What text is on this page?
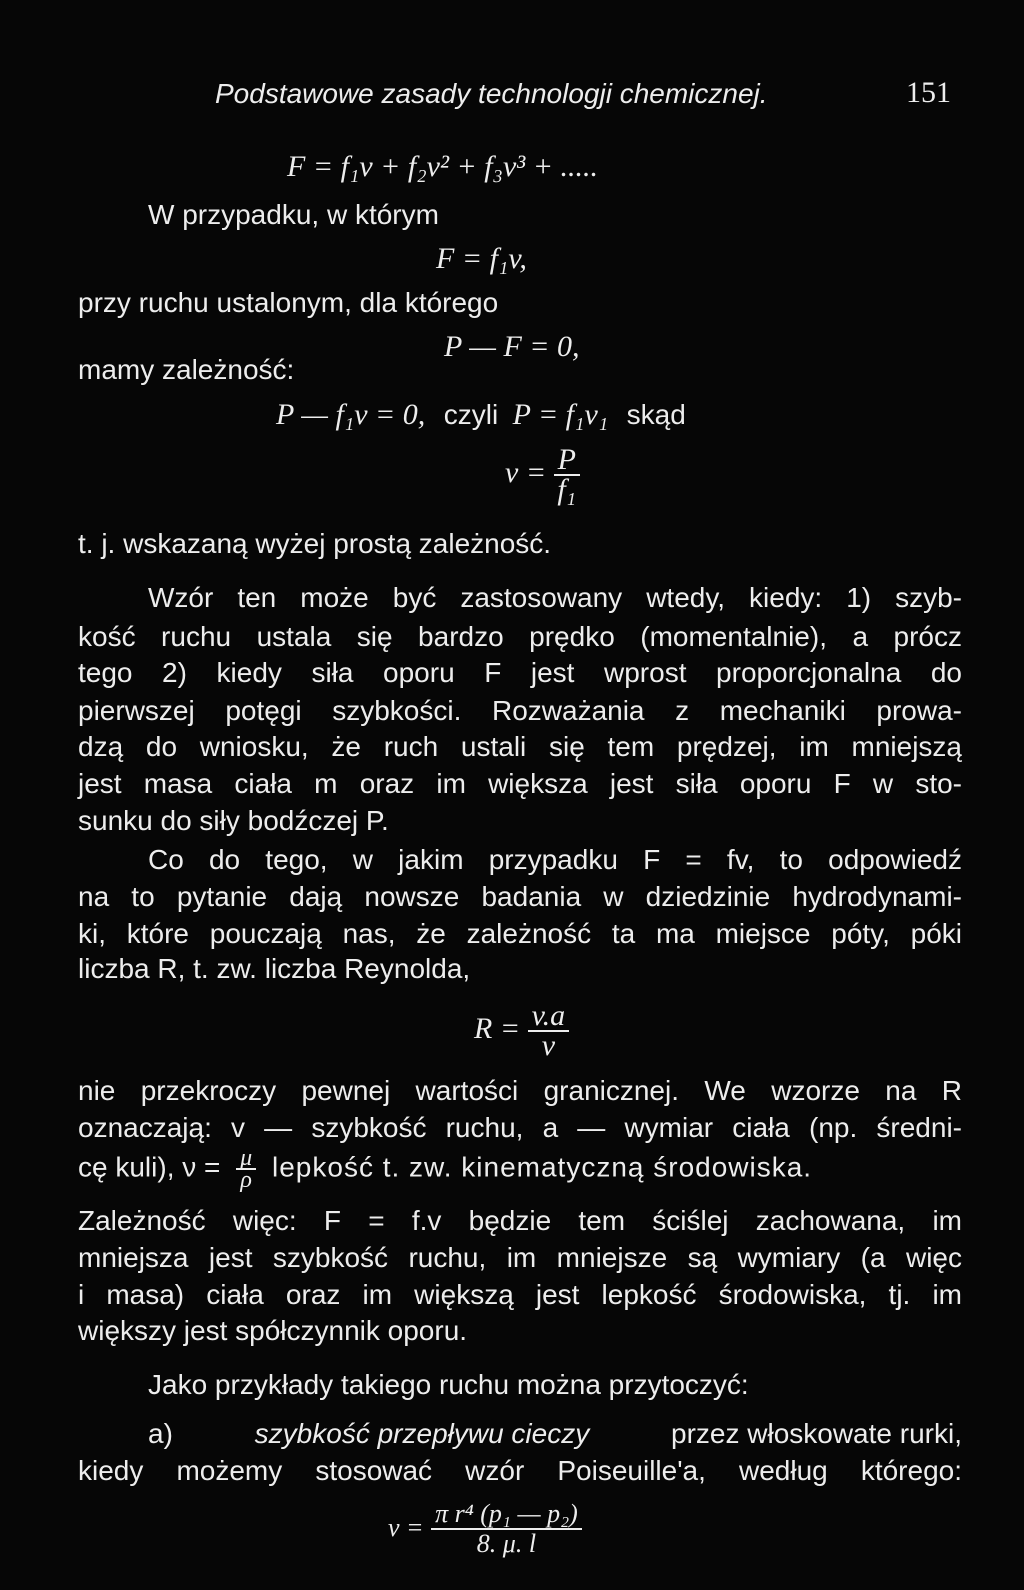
Podstawowe zasady technologji chemicznej.	151
F = f₁v + f₂v² + f₃v³ + .....
W przypadku, w którym
F = f₁v,
przy ruchu ustalonym, dla którego
P — F = 0,
mamy zależność:
P — f₁v = 0, czyli P = f₁v₁ skąd
$v = \frac{P}{\text{f₁}}$
t. j. wskazaną wyżej prostą zależność.
Wzór ten może być zastosowany wtedy, kiedy: 1) szyb-
kość ruchu ustala się bardzo prędko (momentalnie), a prócz
tego 2) kiedy siła oporu F jest wprost proporcjonalna do
pierwszej potęgi szybkości. Rozważania z mechaniki prowa-
dzą do wniosku, że ruch ustali się tem prędzej, im mniejszą
jest masa ciała m oraz im większa jest siła oporu F w sto-
sunku do siły bodźczej P.
Co do tego, w jakim przypadku F = fv, to odpowiedź
na to pytanie dają nowsze badania w dziedzinie hydrodynami-
ki, które pouczają nas, że zależność ta ma miejsce póty, póki
liczba R, t. zw. liczba Reynolda,
$R = \frac{v.a}{\nu}$
nie przekroczy pewnej wartości granicznej. We wzorze na R
oznaczają: v — szybkość ruchu, a — wymiar ciała (np. średni-
cę kuli), $\nu = \frac{\mu}{\rho}$ lepkość t. zw. kinematyczną środowiska.
Zależność więc: F = f.v będzie tem ściślej zachowana, im
mniejsza jest szybkość ruchu, im mniejsze są wymiary (a więc
i masa) ciała oraz im większą jest lepkość środowiska, tj. im
większy jest spółczynnik oporu.
Jako przykłady takiego ruchu można przytoczyć:
a)	szybkość przepływu cieczy	przez włoskowate rurki,
kiedy możemy stosować wzór Poiseuille'a, według którego:
$v = \frac{\text{π r⁴ (p₁ — p₂)}}{8. \mu. l}$
